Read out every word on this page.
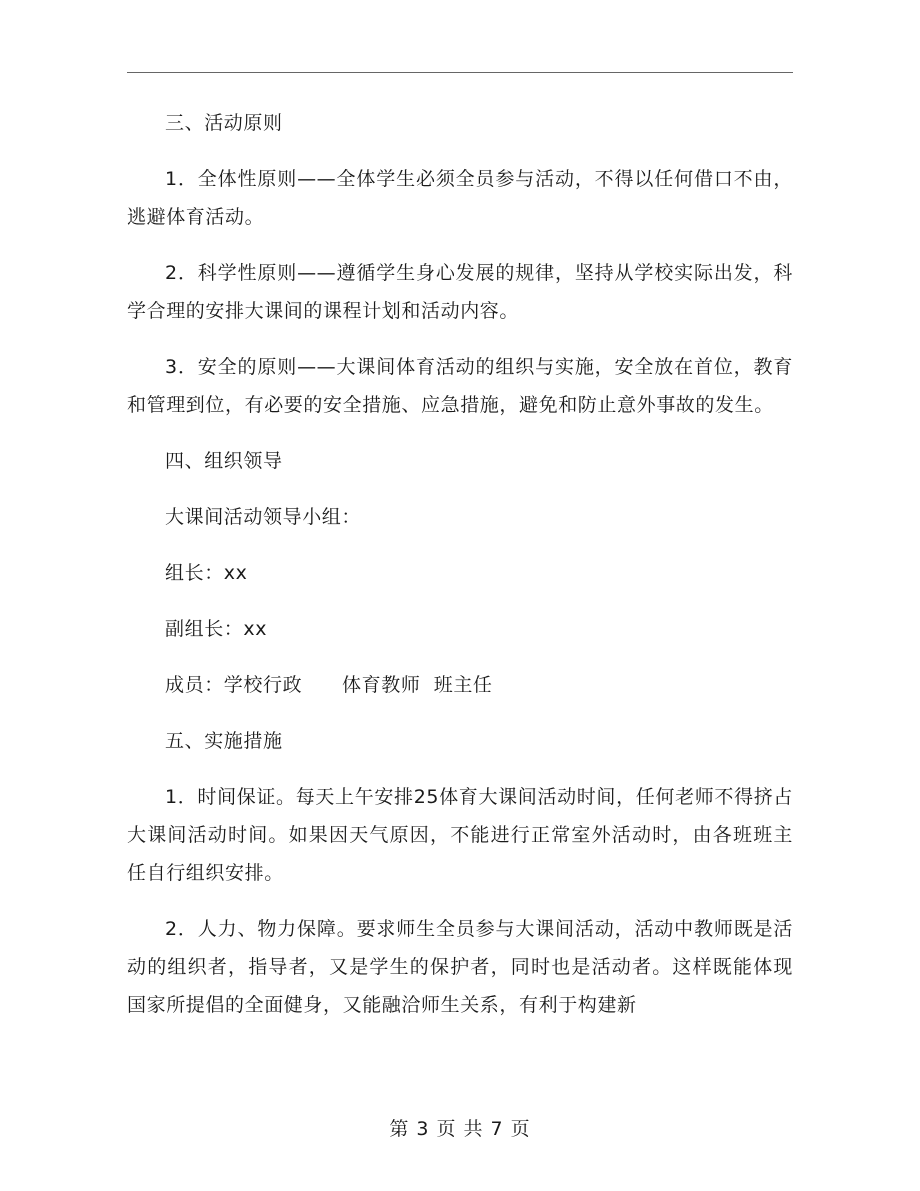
三、活动原则

1．全体性原则——全体学生必须全员参与活动，不得以任何借口不由，逃避体育活动。

2．科学性原则——遵循学生身心发展的规律，坚持从学校实际出发，科学合理的安排大课间的课程计划和活动内容。

3．安全的原则——大课间体育活动的组织与实施，安全放在首位，教育和管理到位，有必要的安全措施、应急措施，避免和防止意外事故的发生。

四、组织领导

大课间活动领导小组：

组长：xx

副组长：xx

成员：学校行政      体育教师  班主任

五、实施措施

1．时间保证。每天上午安排25体育大课间活动时间，任何老师不得挤占大课间活动时间。如果因天气原因，不能进行正常室外活动时，由各班班主任自行组织安排。

2．人力、物力保障。要求师生全员参与大课间活动，活动中教师既是活动的组织者，指导者，又是学生的保护者，同时也是活动者。这样既能体现国家所提倡的全面健身，又能融洽师生关系，有利于构建新

第 3 页 共 7 页
